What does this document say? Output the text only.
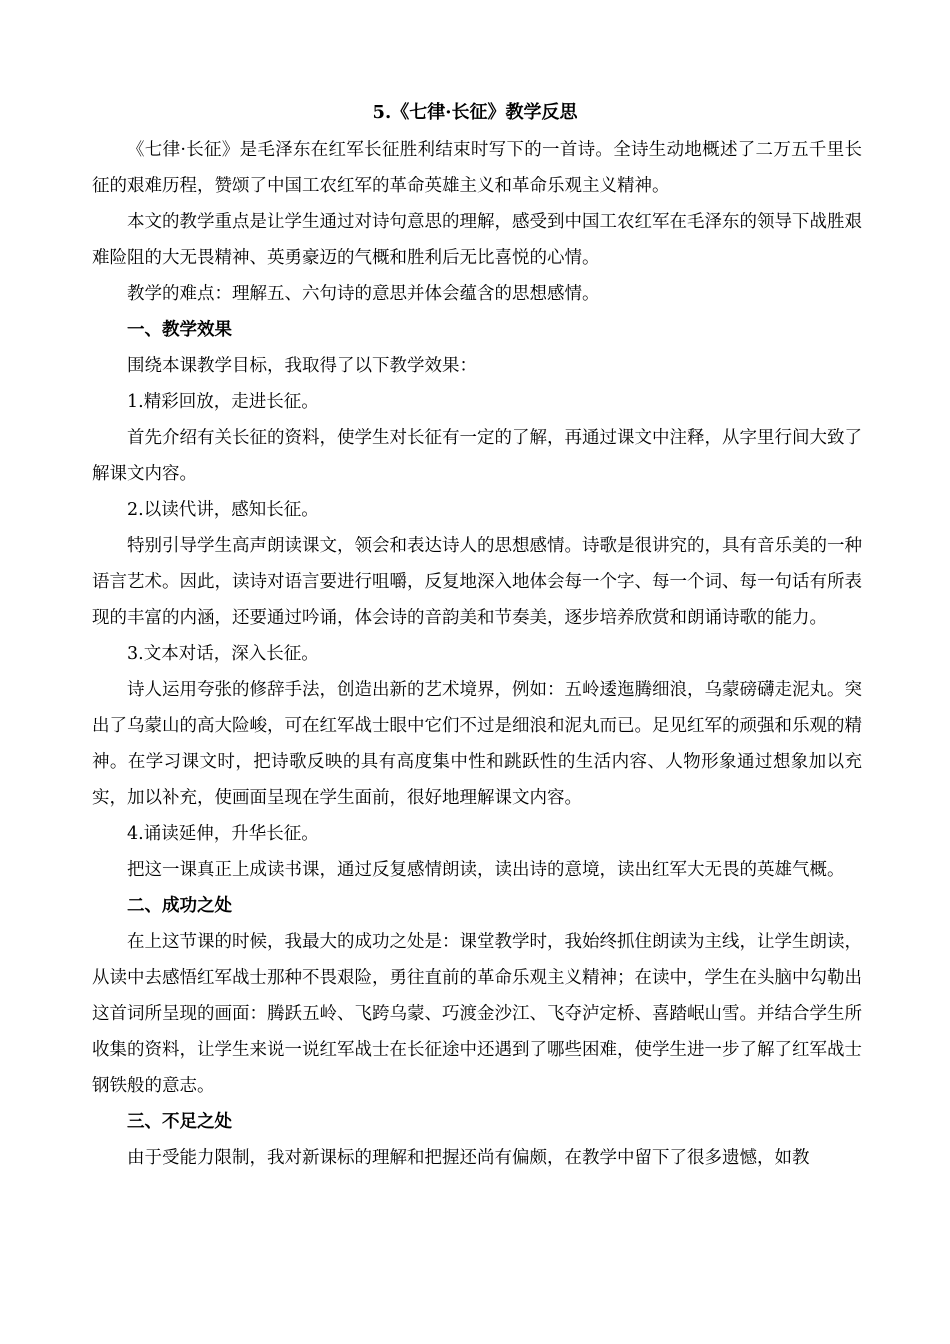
5.《七律·长征》教学反思

《七律·长征》是毛泽东在红军长征胜利结束时写下的一首诗。全诗生动地概述了二万五千里长征的艰难历程，赞颂了中国工农红军的革命英雄主义和革命乐观主义精神。

本文的教学重点是让学生通过对诗句意思的理解，感受到中国工农红军在毛泽东的领导下战胜艰难险阻的大无畏精神、英勇豪迈的气概和胜利后无比喜悦的心情。

教学的难点：理解五、六句诗的意思并体会蕴含的思想感情。

一、教学效果

围绕本课教学目标，我取得了以下教学效果：

1.精彩回放，走进长征。

首先介绍有关长征的资料，使学生对长征有一定的了解，再通过课文中注释，从字里行间大致了解课文内容。

2.以读代讲，感知长征。

特别引导学生高声朗读课文，领会和表达诗人的思想感情。诗歌是很讲究的，具有音乐美的一种语言艺术。因此，读诗对语言要进行咀嚼，反复地深入地体会每一个字、每一个词、每一句话有所表现的丰富的内涵，还要通过吟诵，体会诗的音韵美和节奏美，逐步培养欣赏和朗诵诗歌的能力。

3.文本对话，深入长征。

诗人运用夸张的修辞手法，创造出新的艺术境界，例如：五岭逶迤腾细浪，乌蒙磅礴走泥丸。突出了乌蒙山的高大险峻，可在红军战士眼中它们不过是细浪和泥丸而已。足见红军的顽强和乐观的精神。在学习课文时，把诗歌反映的具有高度集中性和跳跃性的生活内容、人物形象通过想象加以充实，加以补充，使画面呈现在学生面前，很好地理解课文内容。

4.诵读延伸，升华长征。

把这一课真正上成读书课，通过反复感情朗读，读出诗的意境，读出红军大无畏的英雄气概。

二、成功之处

在上这节课的时候，我最大的成功之处是：课堂教学时，我始终抓住朗读为主线，让学生朗读，从读中去感悟红军战士那种不畏艰险，勇往直前的革命乐观主义精神；在读中，学生在头脑中勾勒出这首词所呈现的画面：腾跃五岭、飞跨乌蒙、巧渡金沙江、飞夺泸定桥、喜踏岷山雪。并结合学生所收集的资料，让学生来说一说红军战士在长征途中还遇到了哪些困难，使学生进一步了解了红军战士钢铁般的意志。

三、不足之处

由于受能力限制，我对新课标的理解和把握还尚有偏颇，在教学中留下了很多遗憾，如教
